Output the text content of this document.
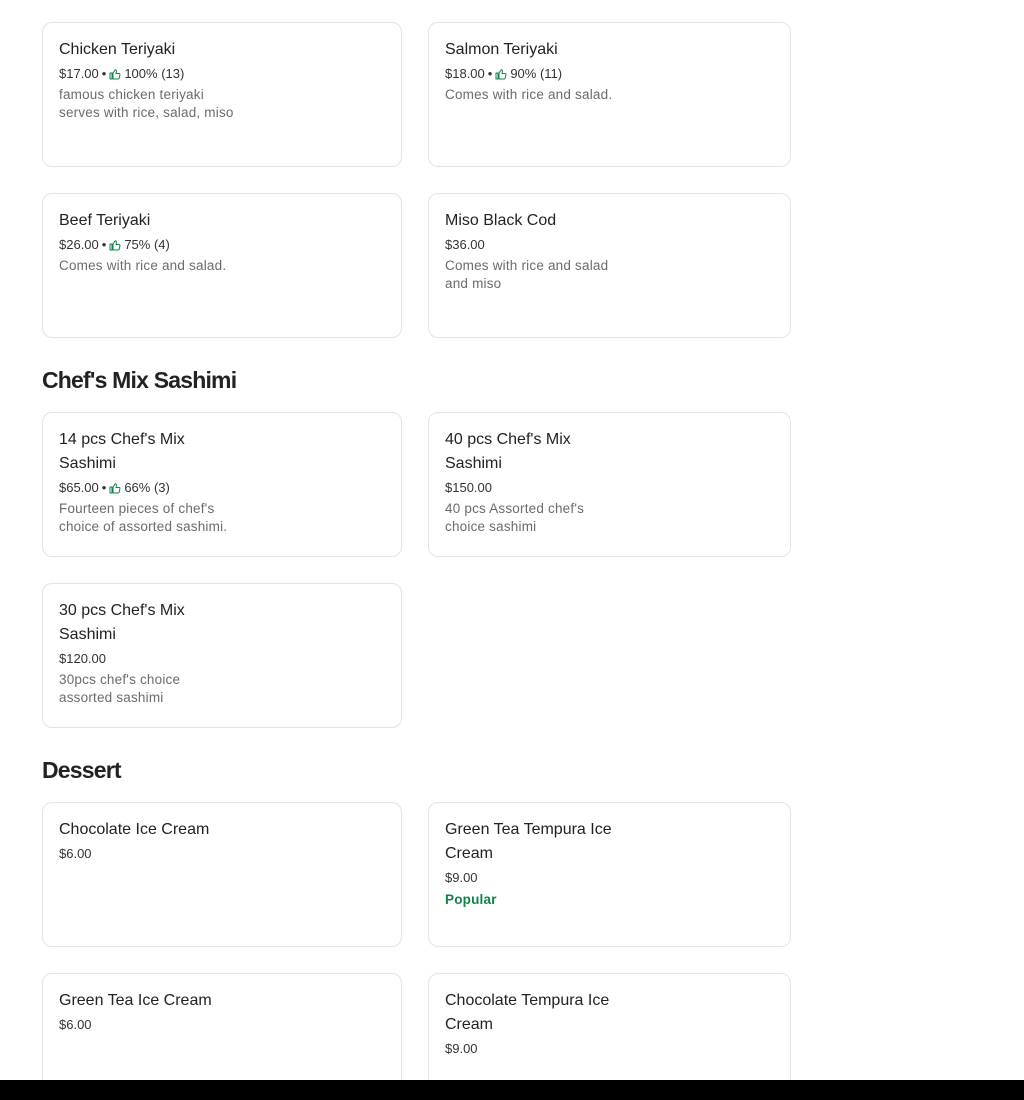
Chicken Teriyaki
$17.00 • 100% (13)
famous chicken teriyaki
serves with rice, salad, miso
Salmon Teriyaki
$18.00 • 90% (11)
Comes with rice and salad.
Beef Teriyaki
$26.00 • 75% (4)
Comes with rice and salad.
Miso Black Cod
$36.00
Comes with rice and salad
and miso
Chef's Mix Sashimi
14 pcs Chef's Mix
Sashimi
$65.00 • 66% (3)
Fourteen pieces of chef's
choice of assorted sashimi.
40 pcs Chef's Mix
Sashimi
$150.00
40 pcs Assorted chef's
choice sashimi
30 pcs Chef's Mix
Sashimi
$120.00
30pcs chef's choice
assorted sashimi
Dessert
Chocolate Ice Cream
$6.00
Green Tea Tempura Ice
Cream
$9.00
Popular
Green Tea Ice Cream
$6.00
Chocolate Tempura Ice
Cream
$9.00
